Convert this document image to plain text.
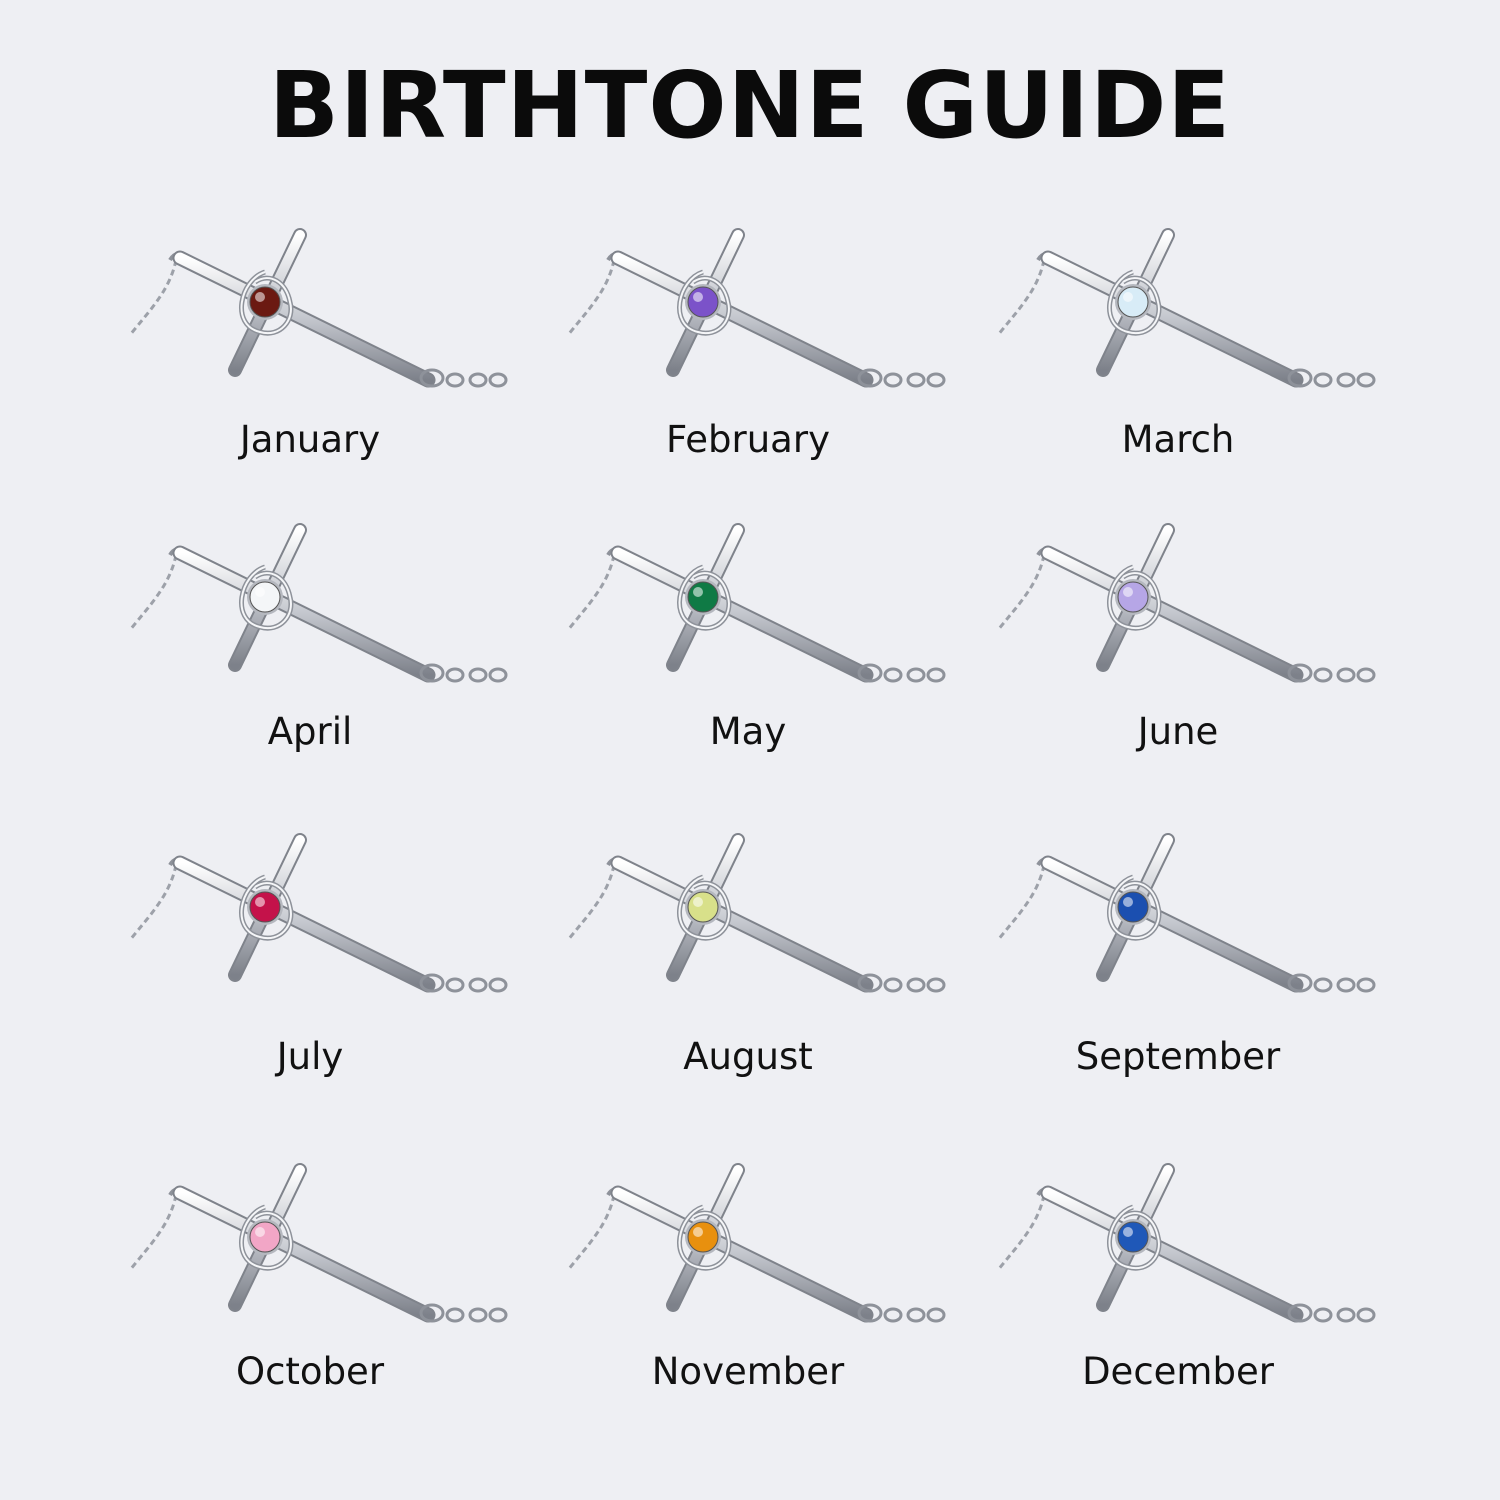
BIRTHTONE GUIDE
January	February	March
April	May	June
July	August	September
October	November	December
